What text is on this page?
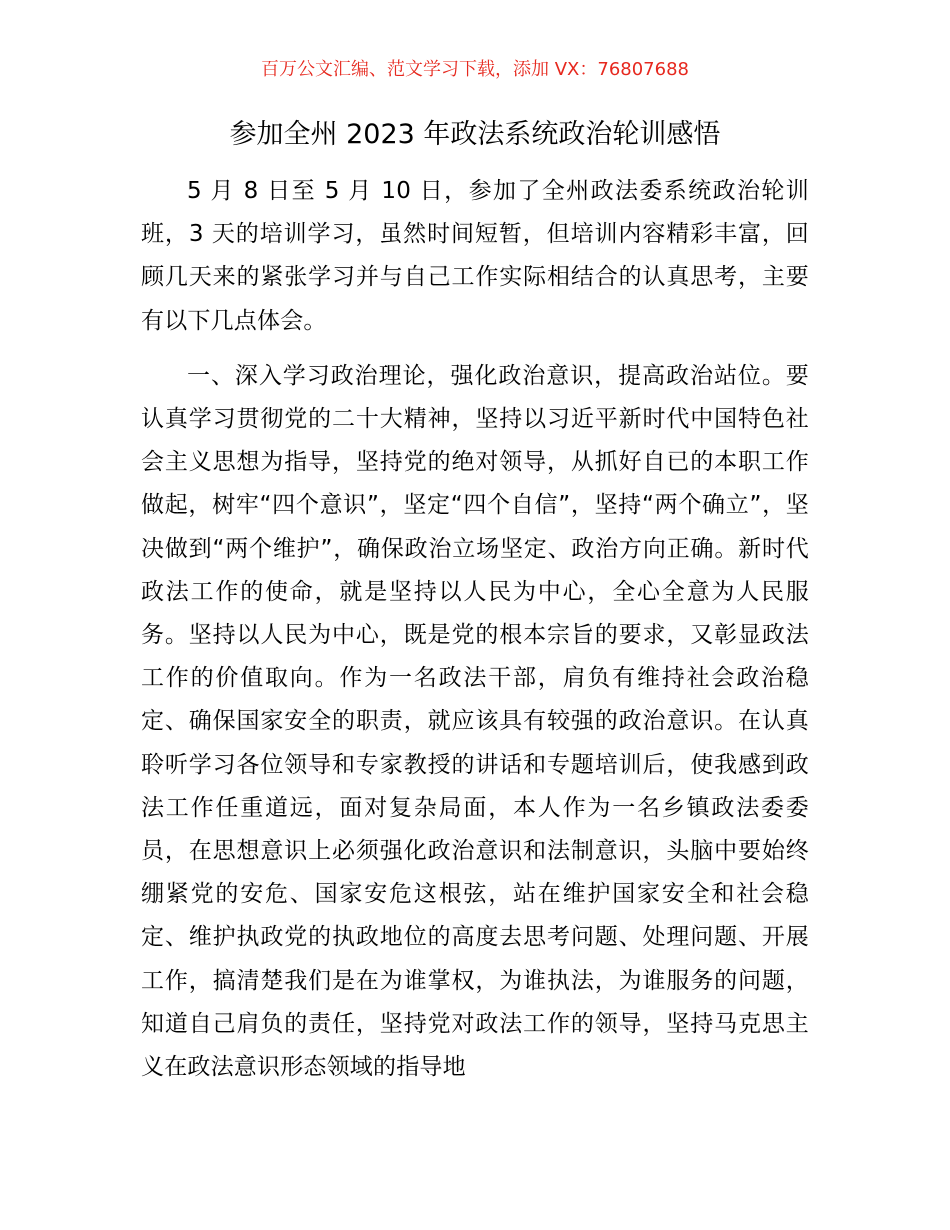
百万公文汇编、范文学习下载，添加 VX：76807688
参加全州 2023 年政法系统政治轮训感悟

5 月 8 日至 5 月 10 日，参加了全州政法委系统政治轮训班，3 天的培训学习，虽然时间短暂，但培训内容精彩丰富，回顾几天来的紧张学习并与自己工作实际相结合的认真思考，主要有以下几点体会。

一、深入学习政治理论，强化政治意识，提高政治站位。要认真学习贯彻党的二十大精神，坚持以习近平新时代中国特色社会主义思想为指导，坚持党的绝对领导，从抓好自已的本职工作做起，树牢“四个意识”，坚定“四个自信”，坚持“两个确立”，坚决做到“两个维护”，确保政治立场坚定、政治方向正确。新时代政法工作的使命，就是坚持以人民为中心，全心全意为人民服务。坚持以人民为中心，既是党的根本宗旨的要求，又彰显政法工作的价值取向。作为一名政法干部，肩负有维持社会政治稳定、确保国家安全的职责，就应该具有较强的政治意识。在认真聆听学习各位领导和专家教授的讲话和专题培训后，使我感到政法工作任重道远，面对复杂局面，本人作为一名乡镇政法委委员，在思想意识上必须强化政治意识和法制意识，头脑中要始终绷紧党的安危、国家安危这根弦，站在维护国家安全和社会稳定、维护执政党的执政地位的高度去思考问题、处理问题、开展工作，搞清楚我们是在为谁掌权，为谁执法，为谁服务的问题，知道自己肩负的责任，坚持党对政法工作的领导，坚持马克思主义在政法意识形态领域的指导地
